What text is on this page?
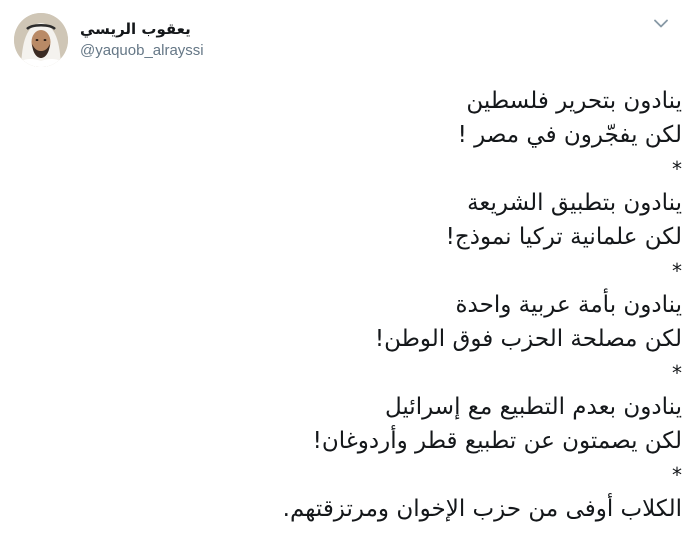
يعقوب الريسي
@yaquob_alrayssi
ينادون بتحرير فلسطين
لكن يفجّرون في مصر !
*
ينادون بتطبيق الشريعة
لكن علمانية تركيا نموذج!
*
ينادون بأمة عربية واحدة
لكن مصلحة الحزب فوق الوطن!
*
ينادون بعدم التطبيع مع إسرائيل
لكن يصمتون عن تطبيع قطر وأردوغان!
*
الكلاب أوفى من حزب الإخوان ومرتزقتهم.
